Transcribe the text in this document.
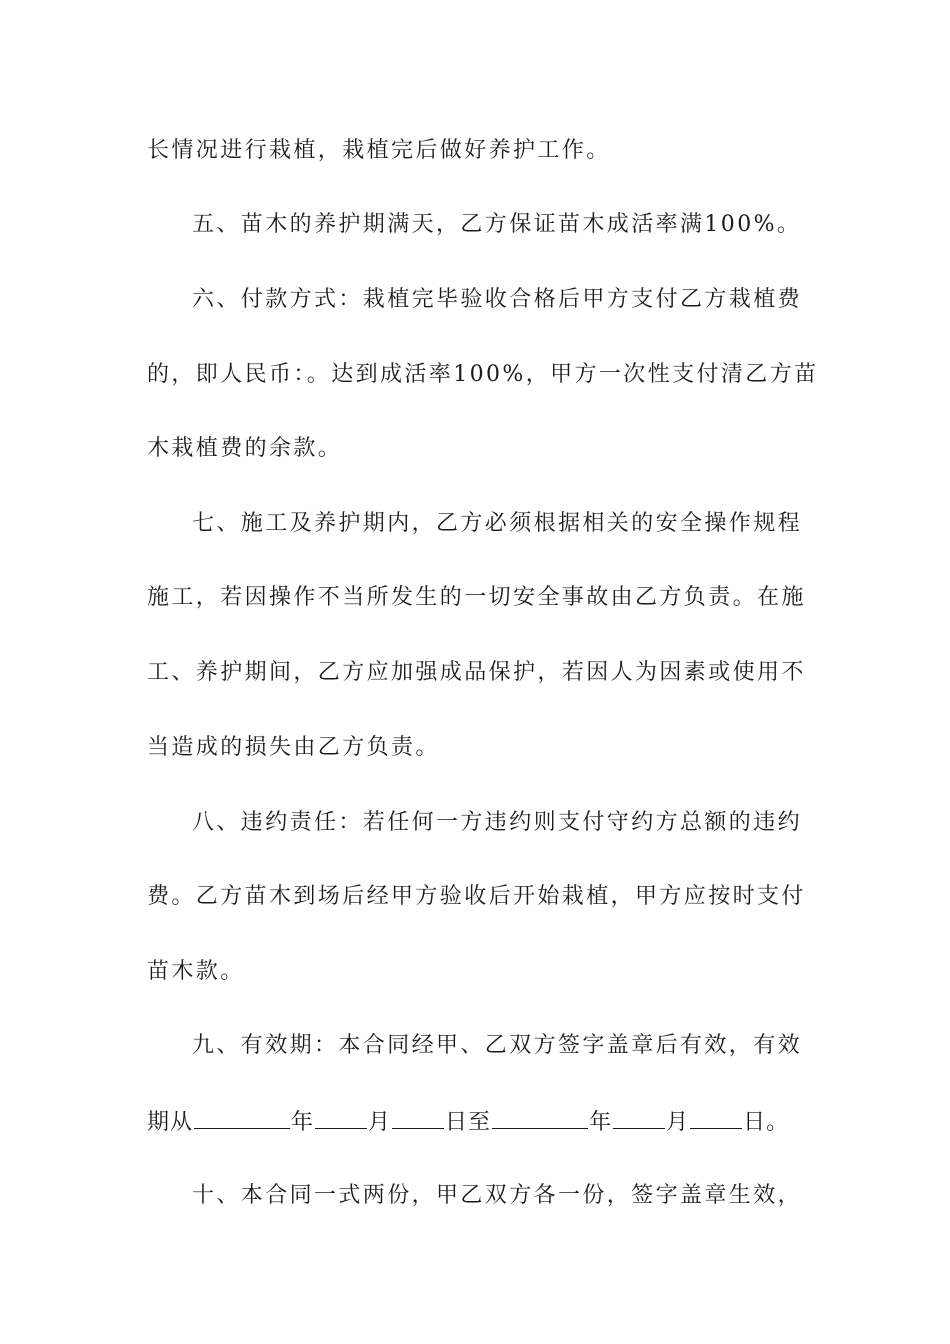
长情况进行栽植，栽植完后做好养护工作。
五、苗木的养护期满天，乙方保证苗木成活率满100%。
六、付款方式：栽植完毕验收合格后甲方支付乙方栽植费
的，即人民币：。达到成活率100%，甲方一次性支付清乙方苗
木栽植费的余款。
七、施工及养护期内，乙方必须根据相关的安全操作规程
施工，若因操作不当所发生的一切安全事故由乙方负责。在施
工、养护期间，乙方应加强成品保护，若因人为因素或使用不
当造成的损失由乙方负责。
八、违约责任：若任何一方违约则支付守约方总额的违约
费。乙方苗木到场后经甲方验收后开始栽植，甲方应按时支付
苗木款。
九、有效期：本合同经甲、乙双方签字盖章后有效，有效
期从	年 月 日至	年 月 日。
十、本合同一式两份，甲乙双方各一份，签字盖章生效，
